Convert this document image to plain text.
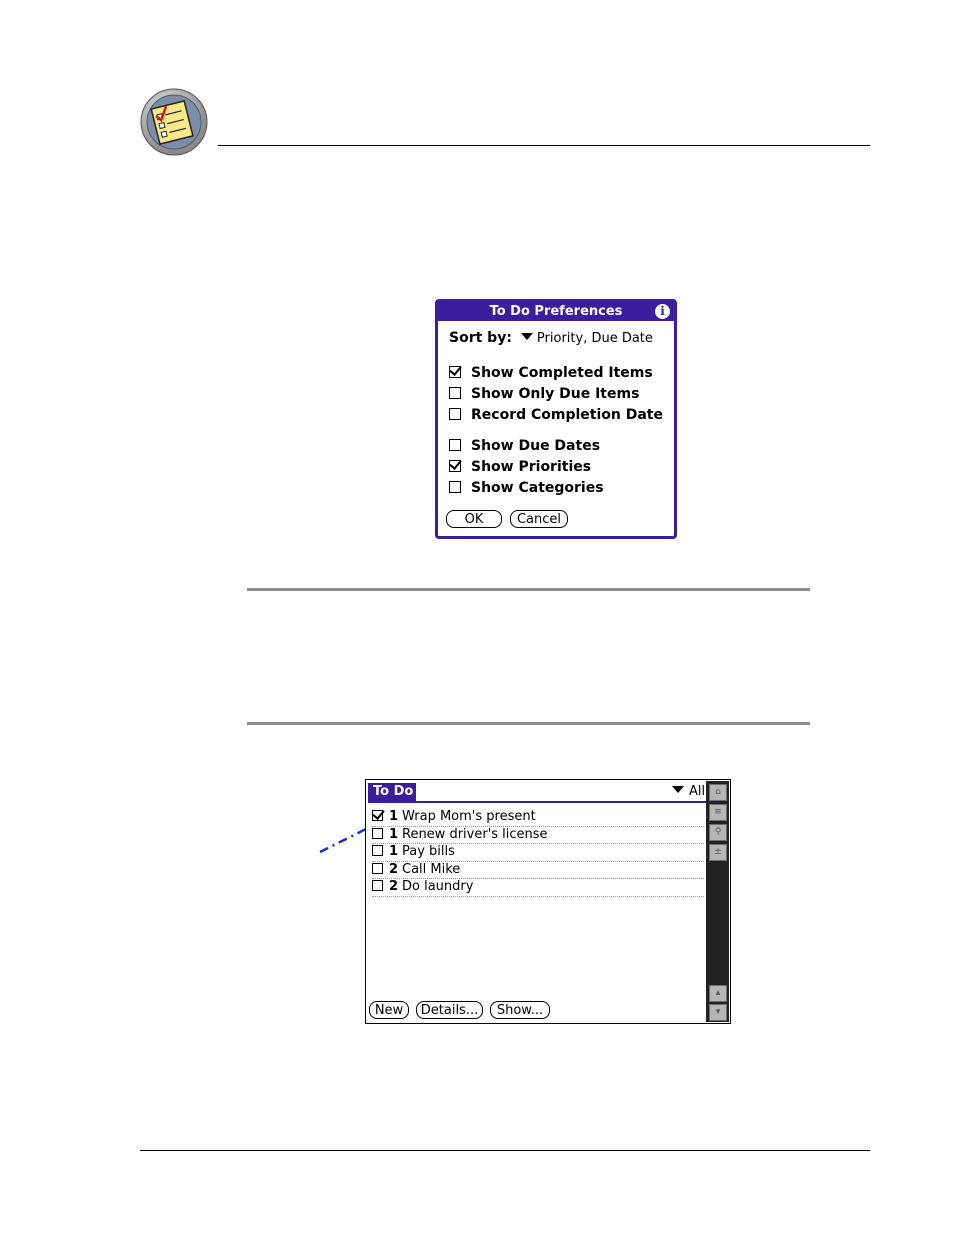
To Do Preferences	i
Sort by: Priority, Due Date
Show Completed Items
Show Only Due Items
Record Completion Date
Show Due Dates
Show Priorities
Show Categories
OK	Cancel
To Do	All
1 Wrap Mom's present
1 Renew driver's license
1 Pay bills
2 Call Mike
2 Do laundry
⌂
≡
⚲
±
▴
▾
New	Details...	Show...
